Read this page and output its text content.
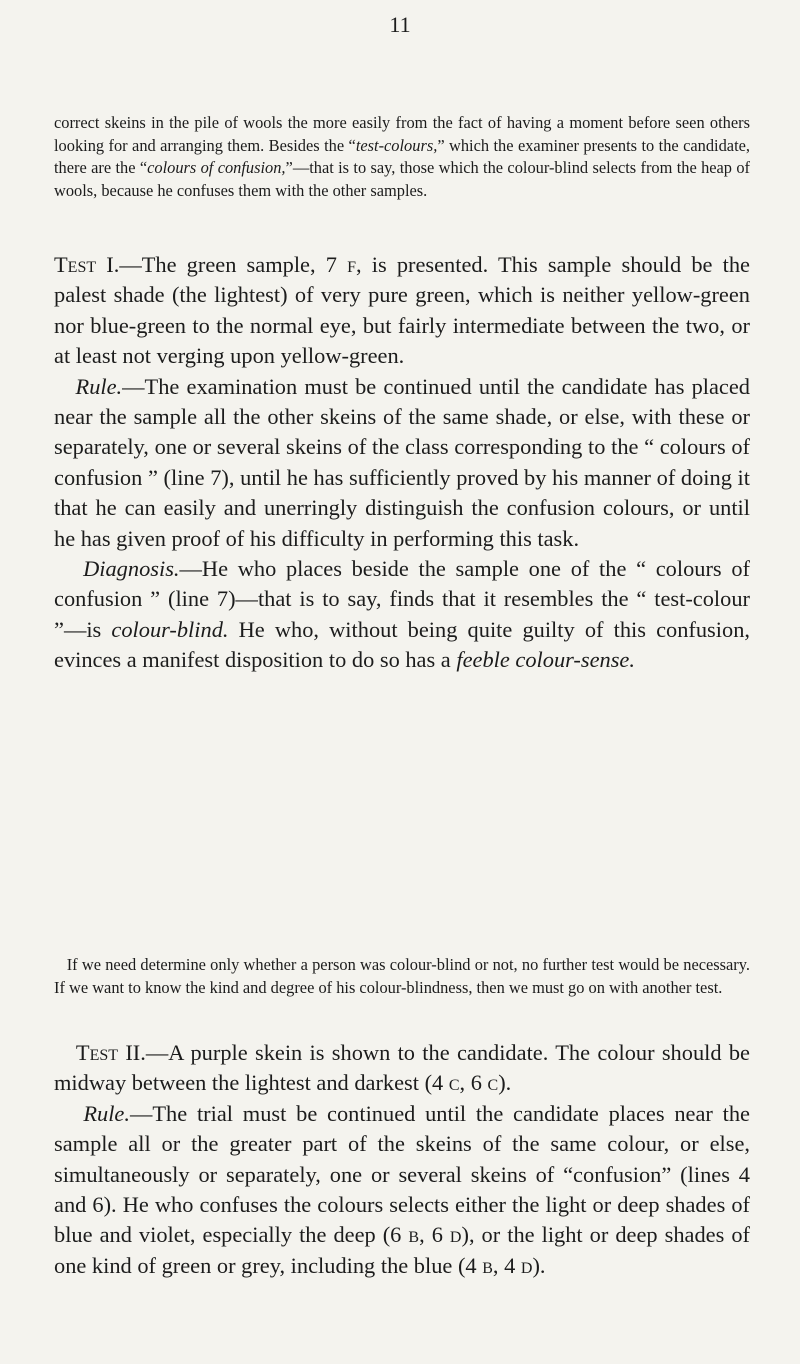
11
correct skeins in the pile of wools the more easily from the fact of having a moment before seen others looking for and arranging them. Besides the “test-colours,” which the examiner presents to the candidate, there are the “colours of confusion,”—that is to say, those which the colour-blind selects from the heap of wools, because he confuses them with the other samples.

Test I.—The green sample, 7 f, is presented. This sample should be the palest shade (the lightest) of very pure green, which is neither yellow-green nor blue-green to the normal eye, but fairly intermediate between the two, or at least not verging upon yellow-green.

Rule.—The examination must be continued until the candidate has placed near the sample all the other skeins of the same shade, or else, with these or separately, one or several skeins of the class corresponding to the “ colours of confusion ” (line 7), until he has sufficiently proved by his manner of doing it that he can easily and unerringly distinguish the confusion colours, or until he has given proof of his difficulty in performing this task.

Diagnosis.—He who places beside the sample one of the “ colours of confusion ” (line 7)—that is to say, finds that it resembles the “ test-colour ”—is colour-blind. He who, without being quite guilty of this confusion, evinces a manifest disposition to do so has a feeble colour-sense.

If we need determine only whether a person was colour-blind or not, no further test would be necessary. If we want to know the kind and degree of his colour-blindness, then we must go on with another test.

Test II.—A purple skein is shown to the candidate. The colour should be midway between the lightest and darkest (4 c, 6 c).

Rule.—The trial must be continued until the candidate places near the sample all or the greater part of the skeins of the same colour, or else, simultaneously or separately, one or several skeins of “confusion” (lines 4 and 6). He who confuses the colours selects either the light or deep shades of blue and violet, especially the deep (6 b, 6 d), or the light or deep shades of one kind of green or grey, including the blue (4 b, 4 d).
